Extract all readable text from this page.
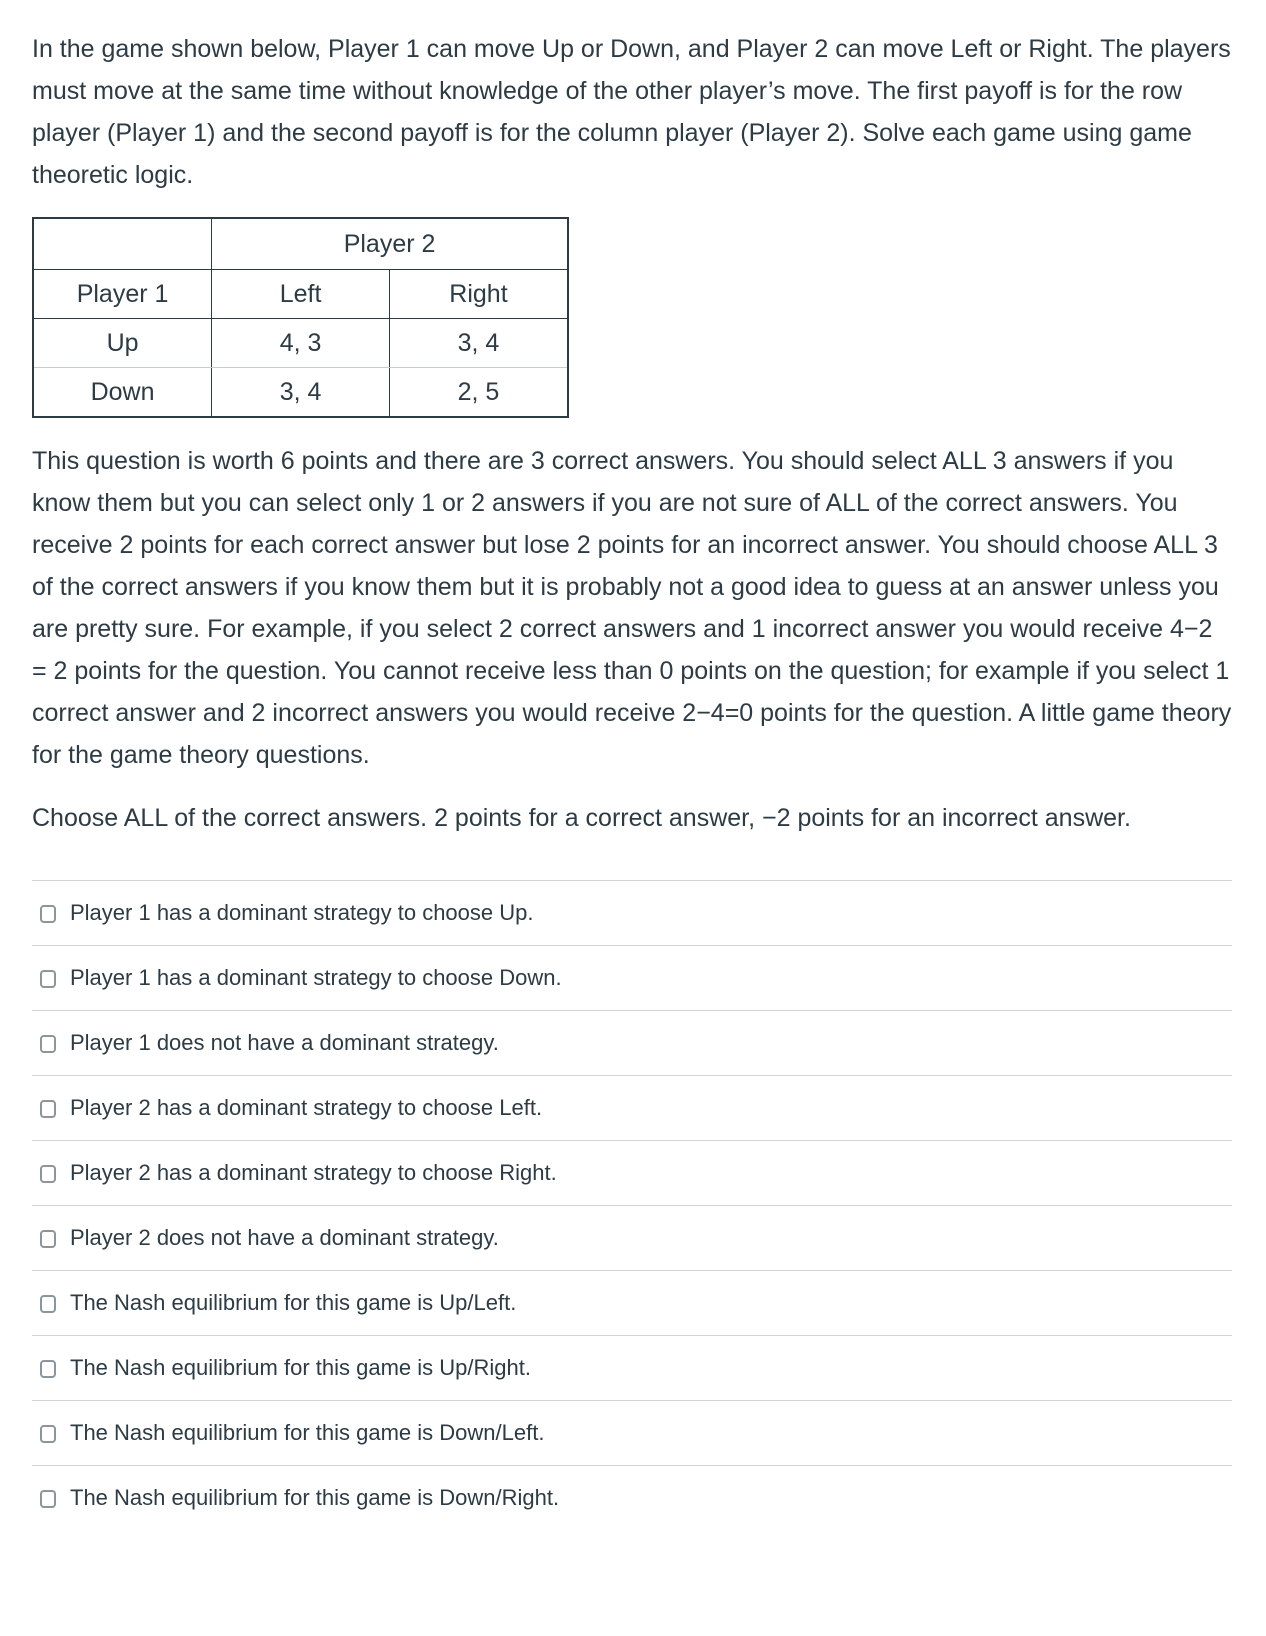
In the game shown below, Player 1 can move Up or Down, and Player 2 can move Left or Right. The players must move at the same time without knowledge of the other player’s move. The first payoff is for the row player (Player 1) and the second payoff is for the column player (Player 2). Solve each game using game theoretic logic.

	Player 2	
Player 1	Left	Right
Up	4, 3	3, 4
Down	3, 4	2, 5

This question is worth 6 points and there are 3 correct answers. You should select ALL 3 answers if you know them but you can select only 1 or 2 answers if you are not sure of ALL of the correct answers. You receive 2 points for each correct answer but lose 2 points for an incorrect answer. You should choose ALL 3 of the correct answers if you know them but it is probably not a good idea to guess at an answer unless you are pretty sure. For example, if you select 2 correct answers and 1 incorrect answer you would receive 4−2 = 2 points for the question. You cannot receive less than 0 points on the question; for example if you select 1 correct answer and 2 incorrect answers you would receive 2−4=0 points for the question. A little game theory for the game theory questions.

Choose ALL of the correct answers. 2 points for a correct answer, −2 points for an incorrect answer.

Player 1 has a dominant strategy to choose Up.
Player 1 has a dominant strategy to choose Down.
Player 1 does not have a dominant strategy.
Player 2 has a dominant strategy to choose Left.
Player 2 has a dominant strategy to choose Right.
Player 2 does not have a dominant strategy.
The Nash equilibrium for this game is Up/Left.
The Nash equilibrium for this game is Up/Right.
The Nash equilibrium for this game is Down/Left.
The Nash equilibrium for this game is Down/Right.
